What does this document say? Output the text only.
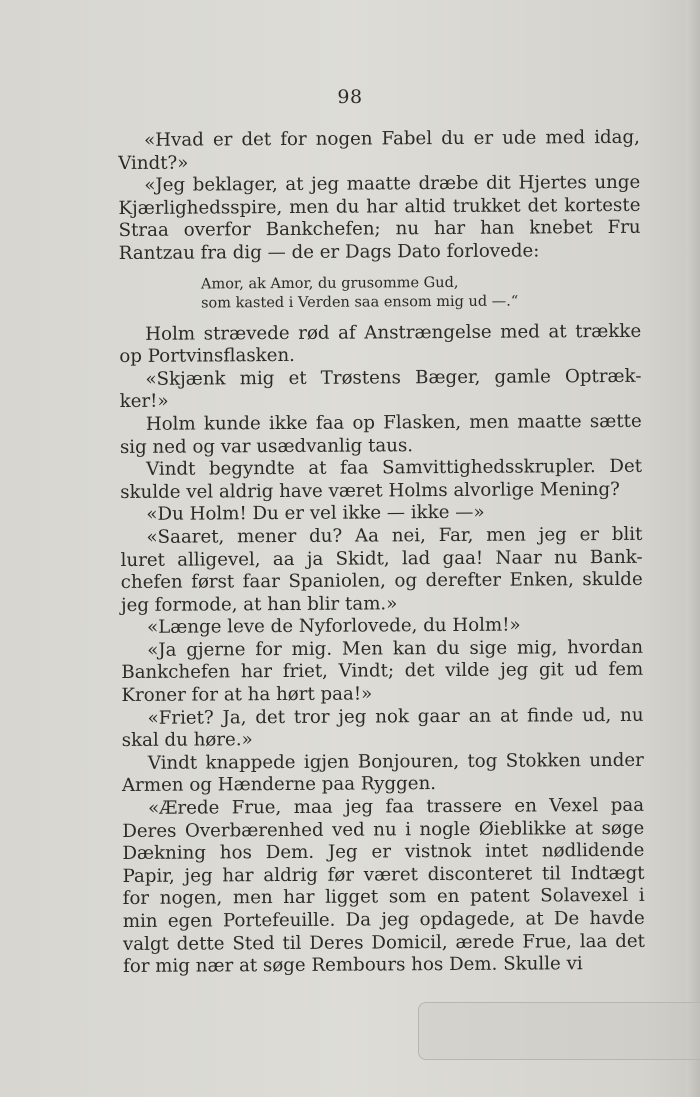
98
«Hvad er det for nogen Fabel du er ude med idag,
Vindt?»
«Jeg beklager, at jeg maatte dræbe dit Hjertes unge
Kjærlighedsspire, men du har altid trukket det korteste
Straa overfor Bankchefen; nu har han knebet Fru
Rantzau fra dig — de er Dags Dato forlovede:
Amor, ak Amor, du grusomme Gud,
som kasted i Verden saa ensom mig ud —.“
Holm strævede rød af Anstrængelse med at trække
op Portvinsflasken.
«Skjænk mig et Trøstens Bæger, gamle Optræk-
ker!»
Holm kunde ikke faa op Flasken, men maatte sætte
sig ned og var usædvanlig taus.
Vindt begyndte at faa Samvittighedsskrupler. Det
skulde vel aldrig have været Holms alvorlige Mening?
«Du Holm! Du er vel ikke — ikke —»
«Saaret, mener du? Aa nei, Far, men jeg er blit
luret alligevel, aa ja Skidt, lad gaa! Naar nu Bank-
chefen først faar Spaniolen, og derefter Enken, skulde
jeg formode, at han blir tam.»
«Længe leve de Nyforlovede, du Holm!»
«Ja gjerne for mig. Men kan du sige mig, hvordan
Bankchefen har friet, Vindt; det vilde jeg git ud fem
Kroner for at ha hørt paa!»
«Friet? Ja, det tror jeg nok gaar an at finde ud, nu
skal du høre.»
Vindt knappede igjen Bonjouren, tog Stokken under
Armen og Hænderne paa Ryggen.
«Ærede Frue, maa jeg faa trassere en Vexel paa
Deres Overbærenhed ved nu i nogle Øieblikke at søge
Dækning hos Dem. Jeg er vistnok intet nødlidende
Papir, jeg har aldrig før været disconteret til Indtægt
for nogen, men har ligget som en patent Solavexel i
min egen Portefeuille. Da jeg opdagede, at De havde
valgt dette Sted til Deres Domicil, ærede Frue, laa det
for mig nær at søge Rembours hos Dem. Skulle vi
